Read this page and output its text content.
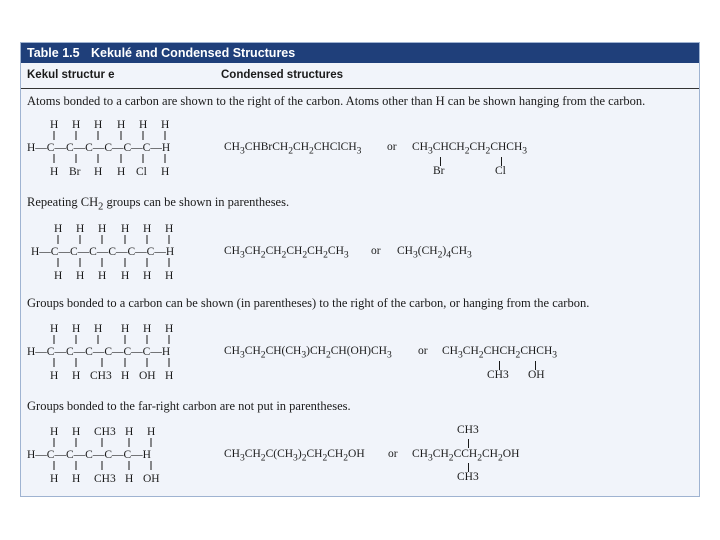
Table 1.5 Kekulé and Condensed Structures
Kekul structur e	Condensed structures
Atoms bonded to a carbon are shown to the right of the carbon. Atoms other than H can be shown hanging from the carbon.
H H H H H H
H—C—C—C—C—C—C—H
H Br H H Cl H
$CH_3CHBrCH_2CH_2CHClCH_3$ or $CH_3CHCH_2CH_2CHCH_3$
Br	Cl
Repeating $CH_2$ groups can be shown in parentheses.
H H H H H H
H—C—C—C—C—C—C—H
H H H H H H
$CH_3CH_2CH_2CH_2CH_2CH_3$ or $CH_3(CH_2)_4CH_3$
Groups bonded to a carbon can be shown (in parentheses) to the right of the carbon, or hanging from the carbon.
H H H H H H
H—C—C—C—C—C—C—H
H H CH3 H OH H
$CH_3CH_2CH(CH_3)CH_2CH(OH)CH_3$ or $CH_3CH_2CHCH_2CHCH_3$
CH3 OH
Groups bonded to the far-right carbon are not put in parentheses.
H H CH3 H H
H—C—C—C—C—C—H
H H CH3 H OH
$CH_3CH_2C(CH_3)_2CH_2CH_2OH$ or $CH_3CH_2CCH_2CH_2OH$
CH3
CH3
